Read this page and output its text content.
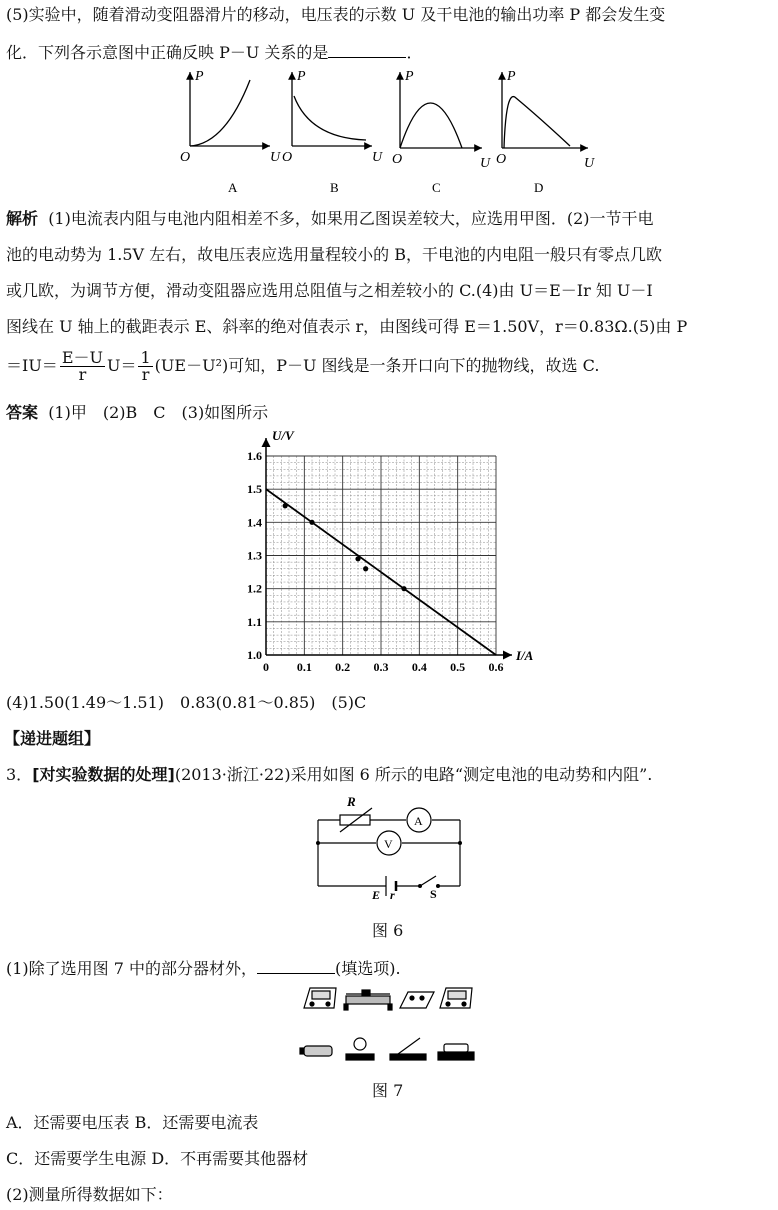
(5)实验中，随着滑动变阻器滑片的移动，电压表的示数 U 及干电池的输出功率 P 都会发生变
化．下列各示意图中正确反映 P－U 关系的是	．
P
O	U
A
P
O	U
B
P
O	U
C
P
O	U
D
解析 (1)电流表内阻与电池内阻相差不多，如果用乙图误差较大，应选用甲图．(2)一节干电
池的电动势为 1.5V 左右，故电压表应选用量程较小的 B，干电池的内电阻一般只有零点几欧
或几欧，为调节方便，滑动变阻器应选用总阻值与之相差较小的 C.(4)由 U＝E－Ir 知 U－I
图线在 U 轴上的截距表示 E、斜率的绝对值表示 r，由图线可得 E＝1.50V，r＝0.83Ω.(5)由 P
$=IU= \frac{E-U}{r} U= \frac{1}{r} (UE-U^2)$可知，P－U 图线是一条开口向下的抛物线，故选 C.
答案 (1)甲　(2)B　C　(3)如图所示
0 0.1 0.2 0.3 0.4 0.5 0.6
1.0
1.1
1.2
1.3
1.4
1.5
1.6
I/A
U/V
(4)1.50(1.49～1.51)　0.83(0.81～0.85)　(5)C
【递进题组】
3．[对实验数据的处理](2013·浙江·22)采用如图 6 所示的电路“测定电池的电动势和内阻”.
R
A
V
E r	S
图 6
(1)除了选用图 7 中的部分器材外，	(填选项).
图 7
A．还需要电压表 B．还需要电流表
C．还需要学生电源 D．不再需要其他器材
(2)测量所得数据如下：
